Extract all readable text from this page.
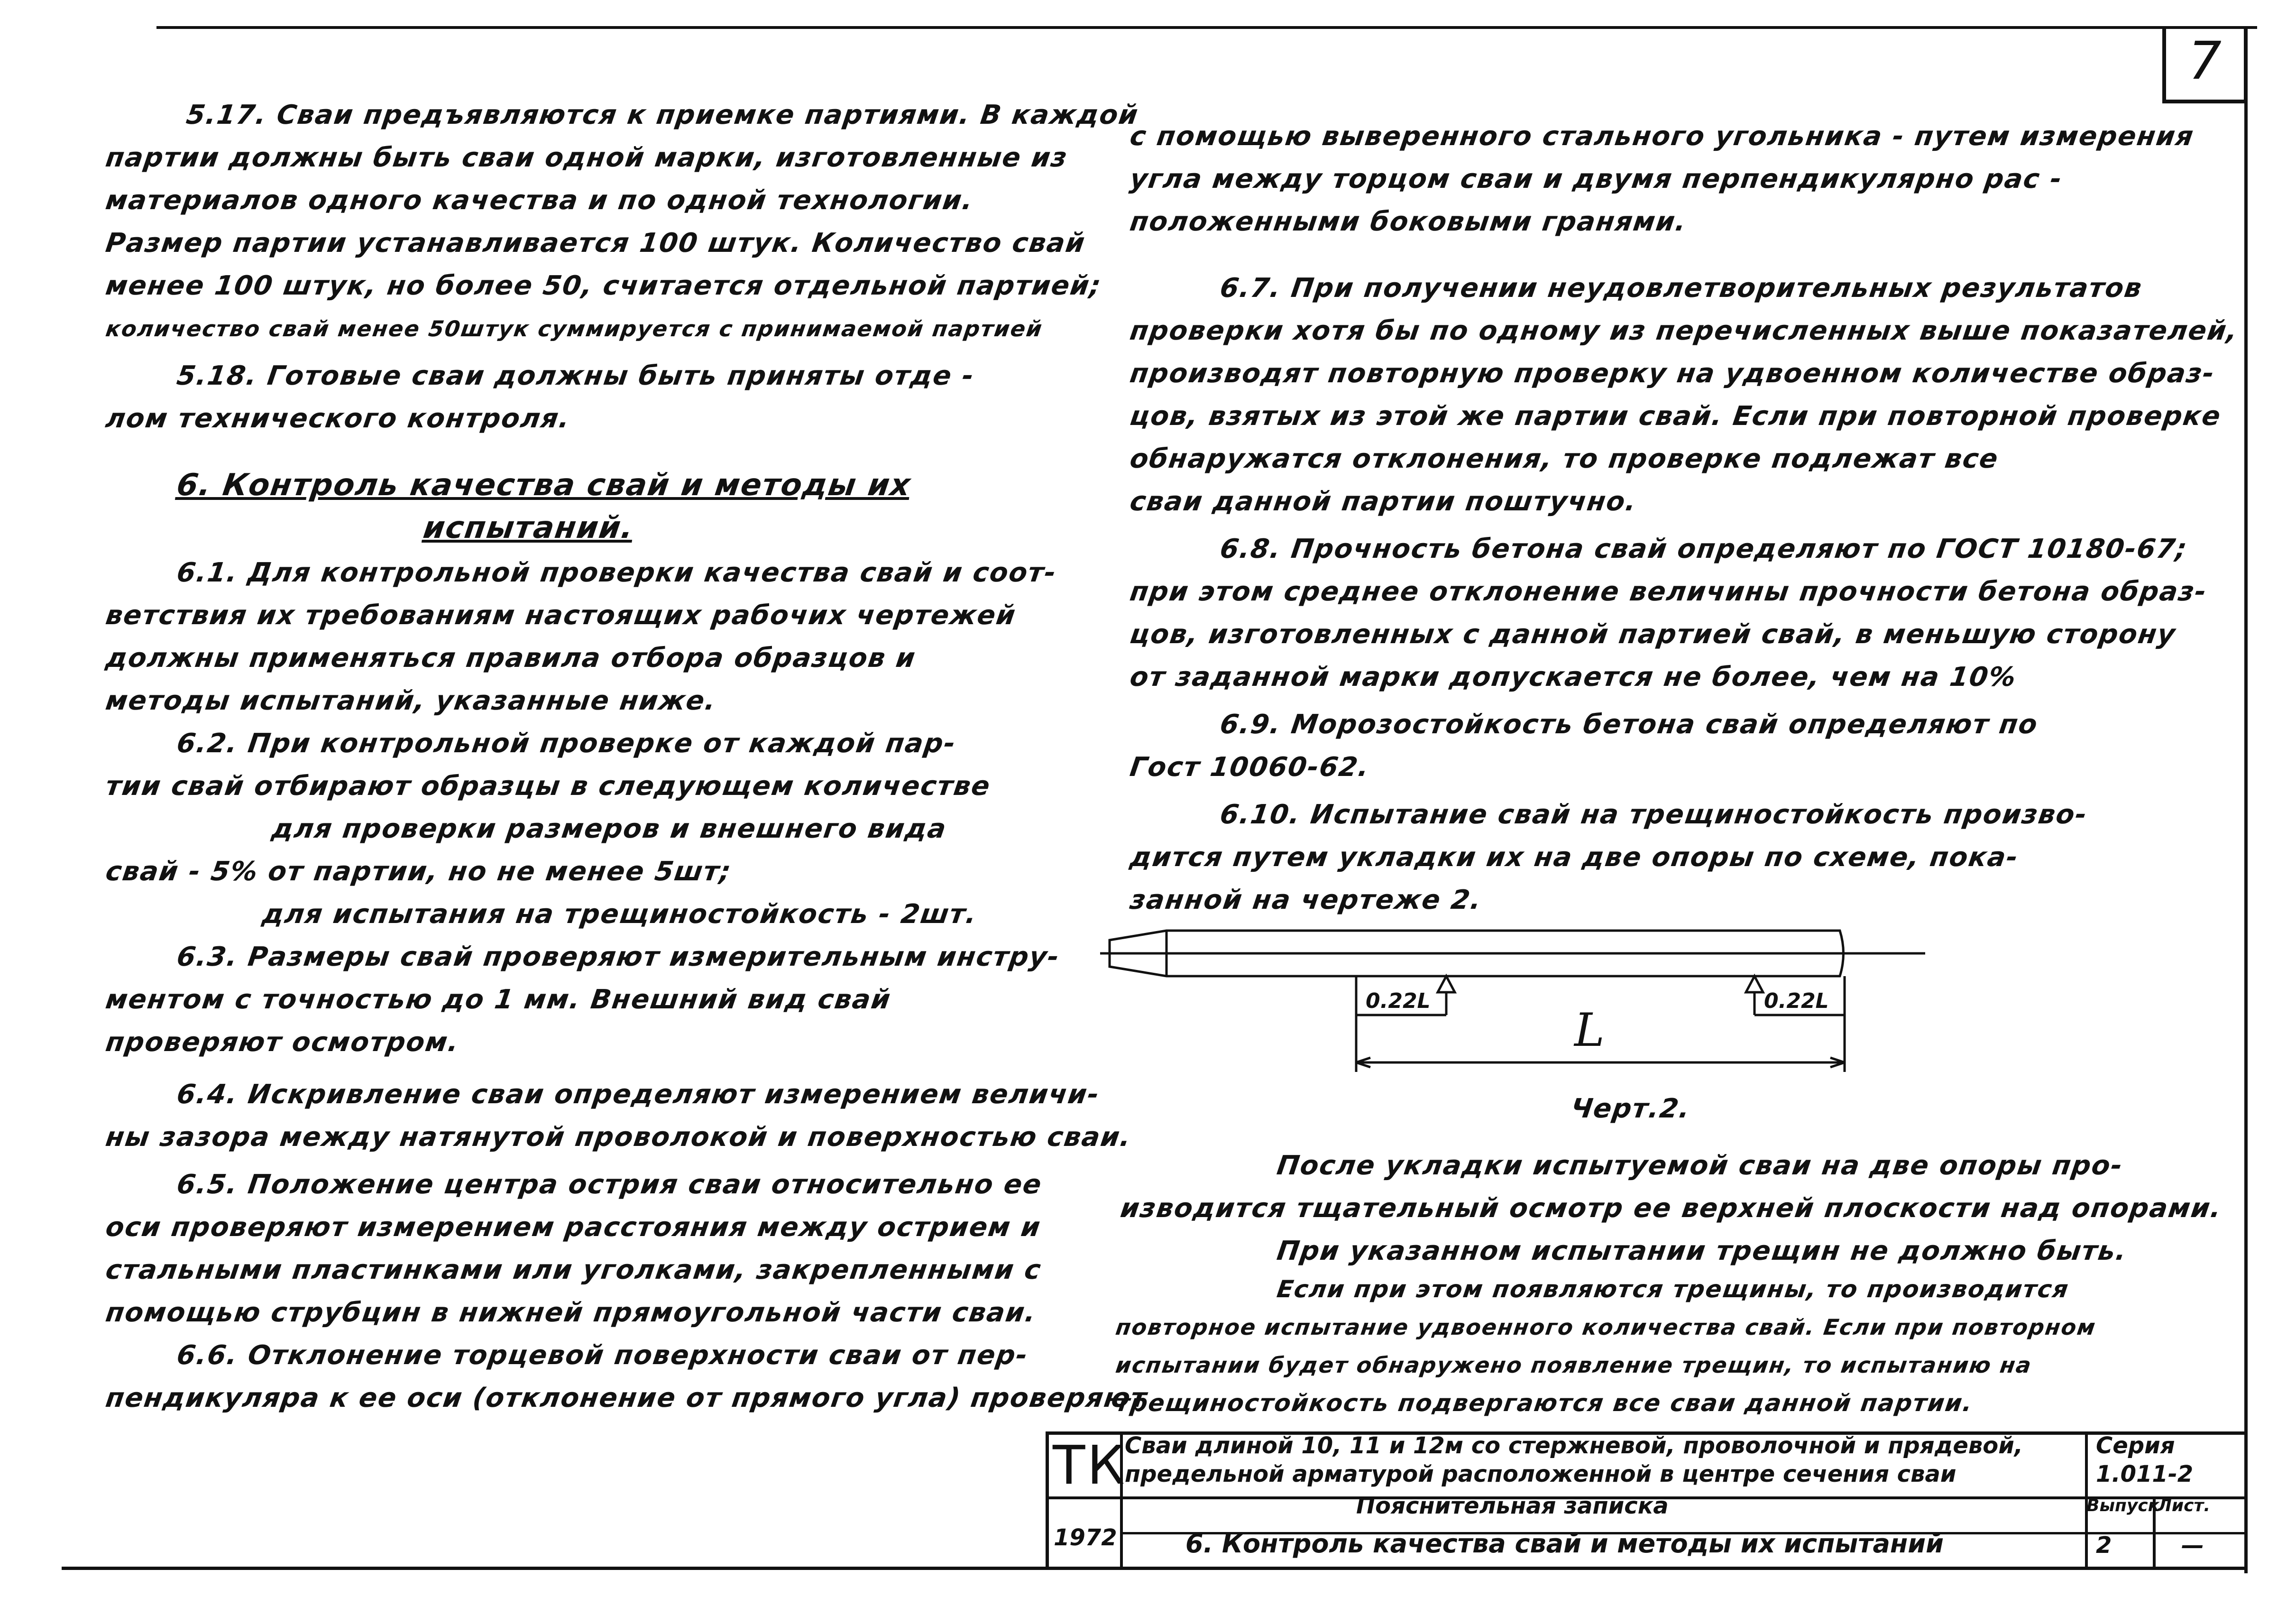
7
5.17. Сваи предъявляются к приемке партиями. В каждой
партии должны быть сваи одной марки, изготовленные из
материалов одного качества и по одной технологии.
Размер партии устанавливается 100 штук. Количество свай
менее 100 штук, но более 50, считается отдельной партией;
количество свай менее 50штук суммируется с принимаемой партией
5.18. Готовые сваи должны быть приняты отде -
лом технического контроля.
6. Контроль качества свай и методы их
испытаний.
6.1. Для контрольной проверки качества свай и соот-
ветствия их требованиям настоящих рабочих чертежей
должны применяться правила отбора образцов и
методы испытаний, указанные ниже.
6.2. При контрольной проверке от каждой пар-
тии свай отбирают образцы в следующем количестве
для проверки размеров и внешнего вида
свай - 5% от партии, но не менее 5шт;
для испытания на трещиностойкость - 2шт.
6.3. Размеры свай проверяют измерительным инстру-
ментом с точностью до 1 мм. Внешний вид свай
проверяют осмотром.
6.4. Искривление сваи определяют измерением величи-
ны зазора между натянутой проволокой и поверхностью сваи.
6.5. Положение центра острия сваи относительно ее
оси проверяют измерением расстояния между острием и
стальными пластинками или уголками, закрепленными с
помощью струбцин в нижней прямоугольной части сваи.
6.6. Отклонение торцевой поверхности сваи от пер-
пендикуляра к ее оси (отклонение от прямого угла) проверяют
с помощью выверенного стального угольника - путем измерения
угла между торцом сваи и двумя перпендикулярно рас -
положенными боковыми гранями.
6.7. При получении неудовлетворительных результатов
проверки хотя бы по одному из перечисленных выше показателей,
производят повторную проверку на удвоенном количестве образ-
цов, взятых из этой же партии свай. Если при повторной проверке
обнаружатся отклонения, то проверке подлежат все
сваи данной партии поштучно.
6.8. Прочность бетона свай определяют по ГОСТ 10180-67;
при этом среднее отклонение величины прочности бетона образ-
цов, изготовленных с данной партией свай, в меньшую сторону
от заданной марки допускается не более, чем на 10%
6.9. Морозостойкость бетона свай определяют по
Гост 10060-62.
6.10. Испытание свай на трещиностойкость произво-
дится путем укладки их на две опоры по схеме, пока-
занной на чертеже 2.
0.22L	0.22L
L
Черт.2.
После укладки испытуемой сваи на две опоры про-
изводится тщательный осмотр ее верхней плоскости над опорами.
При указанном испытании трещин не должно быть.
Если при этом появляются трещины, то производится
повторное испытание удвоенного количества свай. Если при повторном
испытании будет обнаружено появление трещин, то испытанию на
трещиностойкость подвергаются все сваи данной партии.
ТК
1972
Сваи длиной 10, 11 и 12м со стержневой, проволочной и прядевой,
предельной арматурой расположенной в центре сечения сваи
Пояснительная записка
6. Контроль качества свай и методы их испытаний
Серия
1.011-2
Выпуск
Лист.
2	—
